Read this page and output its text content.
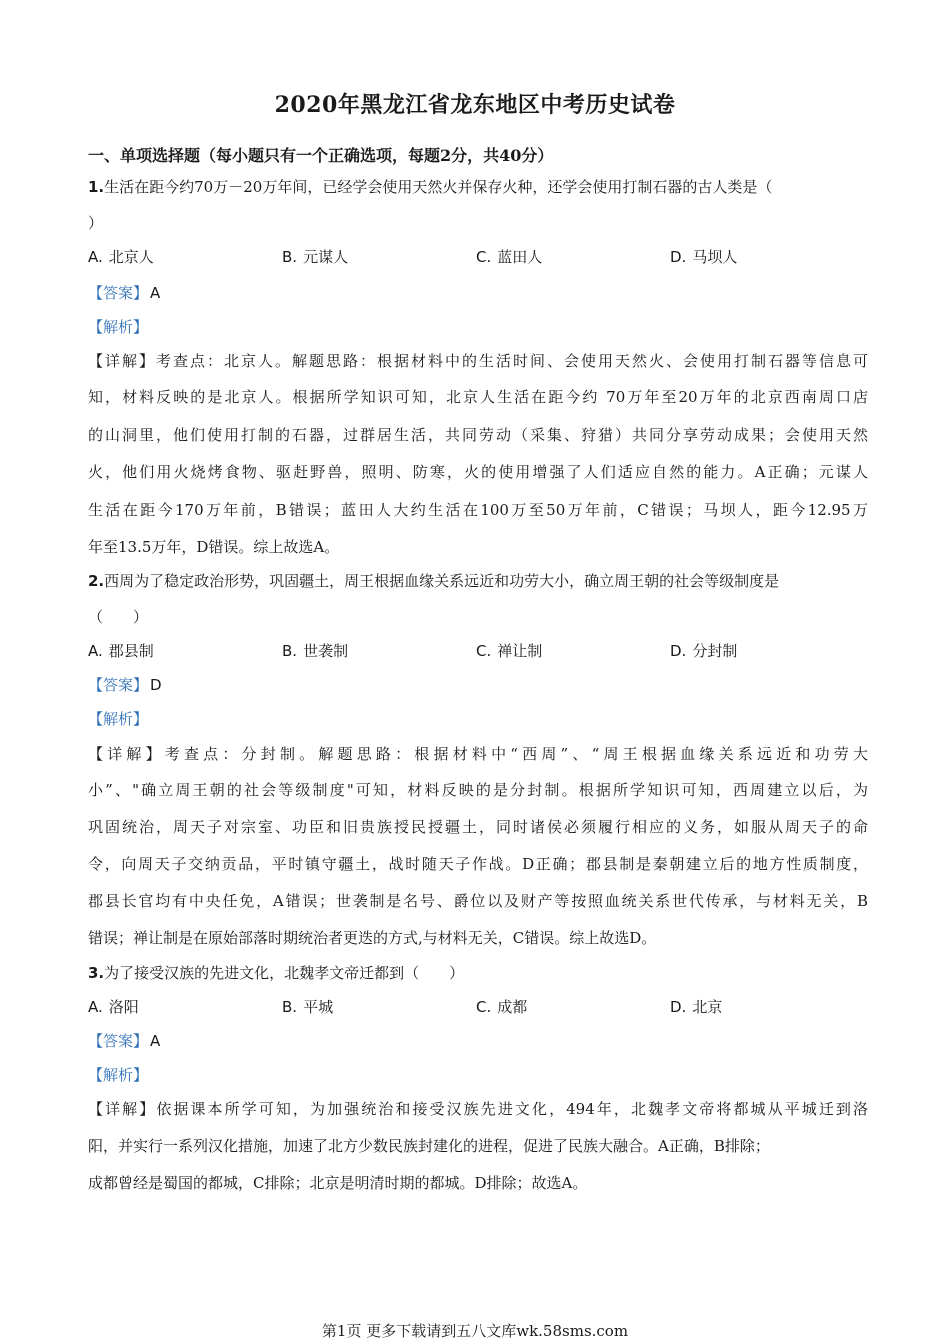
2020年黑龙江省龙东地区中考历史试卷
一、单项选择题（每小题只有一个正确选项，每题2分，共40分）
1.生活在距今约70万－20万年间，已经学会使用天然火并保存火种，还学会使用打制石器的古人类是（
）
A. 北京人	B. 元谋人	C. 蓝田人	D. 马坝人
【答案】 A
【解析】
【详解】考查点：北京人。解题思路：根据材料中的生活时间、会使用天然火、会使用打制石器等信息可
知，材料反映的是北京人。根据所学知识可知，北京人生活在距今约 70万年至20万年的北京西南周口店
的山洞里，他们使用打制的石器，过群居生活，共同劳动（采集、狩猎）共同分享劳动成果；会使用天然
火，他们用火烧烤食物、驱赶野兽，照明、防寒，火的使用增强了人们适应自然的能力。A正确；元谋人
生活在距今170万年前，B错误；蓝田人大约生活在100万至50万年前，C错误；马坝人，距今12.95万
年至13.5万年，D错误。综上故选A。
2.西周为了稳定政治形势，巩固疆土，周王根据血缘关系远近和功劳大小，确立周王朝的社会等级制度是
（　　）
A. 郡县制	B. 世袭制	C. 禅让制	D. 分封制
【答案】 D
【解析】
【详解】考查点：分封制。解题思路：根据材料中“西周”、“周王根据血缘关系远近和功劳大
小”、"确立周王朝的社会等级制度"可知，材料反映的是分封制。根据所学知识可知，西周建立以后，为
巩固统治，周天子对宗室、功臣和旧贵族授民授疆土，同时诸侯必须履行相应的义务，如服从周天子的命
令，向周天子交纳贡品，平时镇守疆土，战时随天子作战。D正确；郡县制是秦朝建立后的地方性质制度，
郡县长官均有中央任免，A错误；世袭制是名号、爵位以及财产等按照血统关系世代传承，与材料无关，B
错误；禅让制是在原始部落时期统治者更迭的方式,与材料无关，C错误。综上故选D。
3.为了接受汉族的先进文化，北魏孝文帝迁都到（　　）
A. 洛阳	B. 平城	C. 成都	D. 北京
【答案】 A
【解析】
【详解】依据课本所学可知，为加强统治和接受汉族先进文化，494年，北魏孝文帝将都城从平城迁到洛
阳，并实行一系列汉化措施，加速了北方少数民族封建化的进程，促进了民族大融合。A正确，B排除；
成都曾经是蜀国的都城，C排除；北京是明清时期的都城。D排除；故选A。
第1页 更多下载请到五八文库wk.58sms.com
